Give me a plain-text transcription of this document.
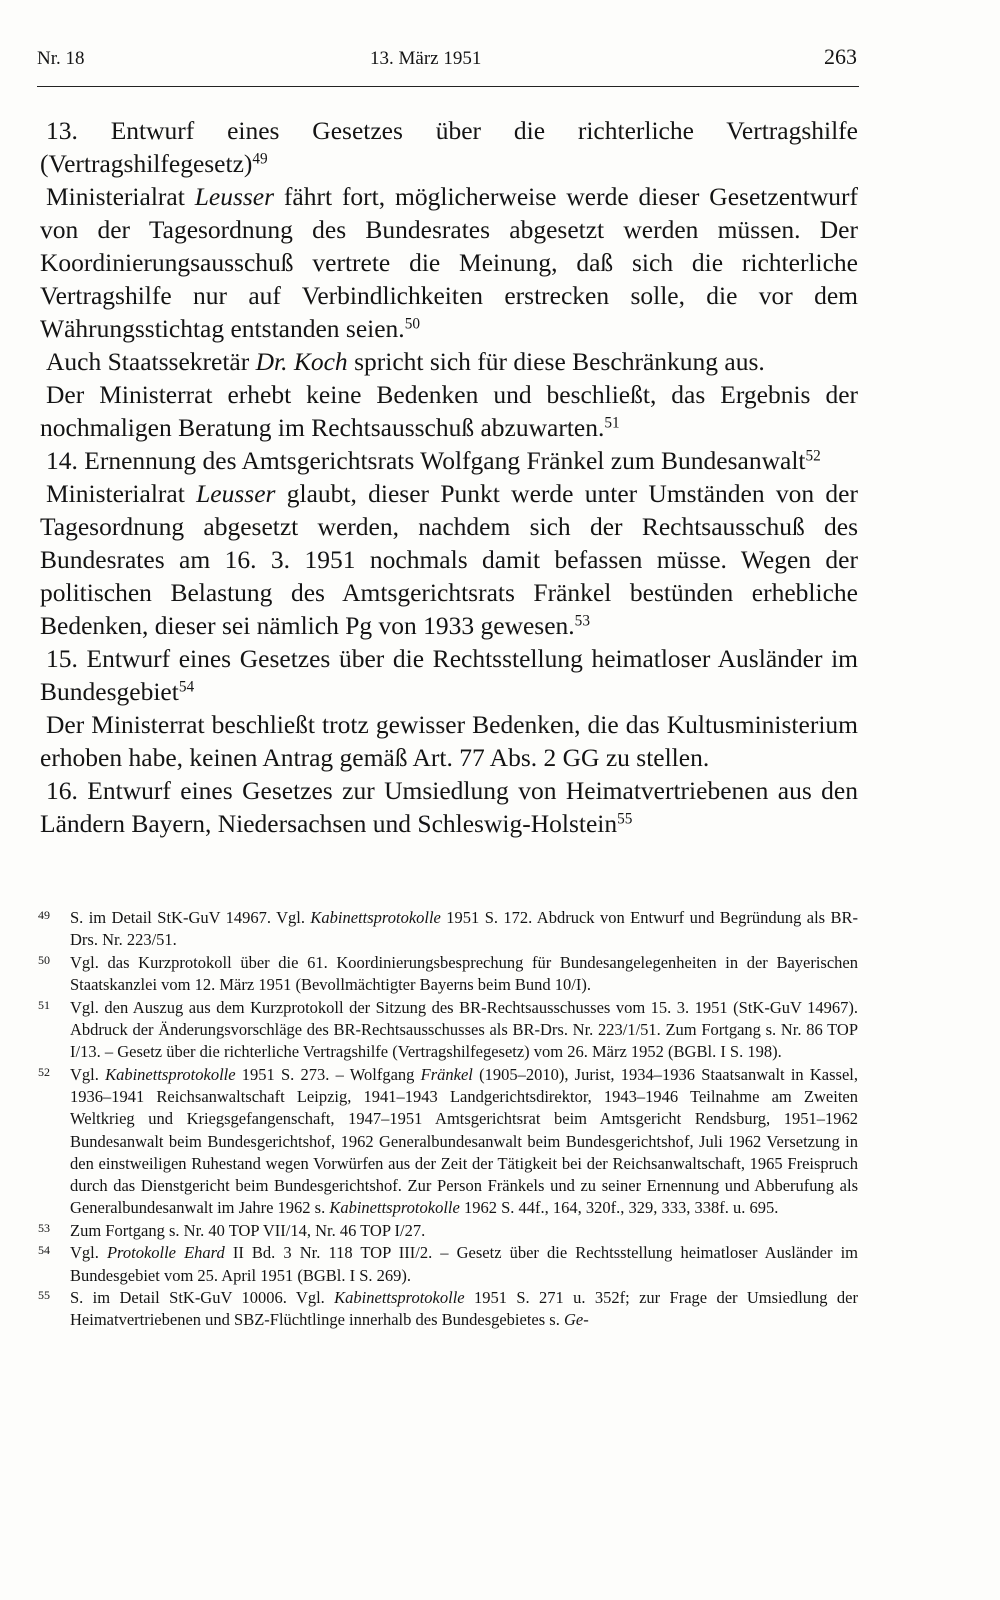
Nr. 18	13. März 1951	263

13. Entwurf eines Gesetzes über die richterliche Vertragshilfe (Vertragshilfegesetz)$^{49}$

Ministerialrat Leusser fährt fort, möglicherweise werde dieser Gesetzentwurf von der Tagesordnung des Bundesrates abgesetzt werden müssen. Der Koordinierungsausschuß vertrete die Meinung, daß sich die richterliche Vertragshilfe nur auf Verbindlichkeiten erstrecken solle, die vor dem Währungsstichtag entstanden seien.$^{50}$

Auch Staatssekretär Dr. Koch spricht sich für diese Beschränkung aus.

Der Ministerrat erhebt keine Bedenken und beschließt, das Ergebnis der nochmaligen Beratung im Rechtsausschuß abzuwarten.$^{51}$

14. Ernennung des Amtsgerichtsrats Wolfgang Fränkel zum Bundesanwalt$^{52}$

Ministerialrat Leusser glaubt, dieser Punkt werde unter Umständen von der Tagesordnung abgesetzt werden, nachdem sich der Rechtsausschuß des Bundesrates am 16. 3. 1951 nochmals damit befassen müsse. Wegen der politischen Belastung des Amtsgerichtsrats Fränkel bestünden erhebliche Bedenken, dieser sei nämlich Pg von 1933 gewesen.$^{53}$

15. Entwurf eines Gesetzes über die Rechtsstellung heimatloser Ausländer im Bundesgebiet$^{54}$

Der Ministerrat beschließt trotz gewisser Bedenken, die das Kultusministerium erhoben habe, keinen Antrag gemäß Art. 77 Abs. 2 GG zu stellen.

16. Entwurf eines Gesetzes zur Umsiedlung von Heimatvertriebenen aus den Ländern Bayern, Niedersachsen und Schleswig-Holstein$^{55}$

49 S. im Detail StK-GuV 14967. Vgl. Kabinettsprotokolle 1951 S. 172. Abdruck von Entwurf und Begründung als BR-Drs. Nr. 223/51.
50 Vgl. das Kurzprotokoll über die 61. Koordinierungsbesprechung für Bundesangelegenheiten in der Bayerischen Staatskanzlei vom 12. März 1951 (Bevollmächtigter Bayerns beim Bund 10/I).
51 Vgl. den Auszug aus dem Kurzprotokoll der Sitzung des BR-Rechtsausschusses vom 15. 3. 1951 (StK-GuV 14967). Abdruck der Änderungsvorschläge des BR-Rechtsausschusses als BR-Drs. Nr. 223/1/51. Zum Fortgang s. Nr. 86 TOP I/13. – Gesetz über die richterliche Vertragshilfe (Vertragshilfegesetz) vom 26. März 1952 (BGBl. I S. 198).
52 Vgl. Kabinettsprotokolle 1951 S. 273. – Wolfgang Fränkel (1905–2010), Jurist, 1934–1936 Staatsanwalt in Kassel, 1936–1941 Reichsanwaltschaft Leipzig, 1941–1943 Landgerichtsdirektor, 1943–1946 Teilnahme am Zweiten Weltkrieg und Kriegsgefangenschaft, 1947–1951 Amtsgerichtsrat beim Amtsgericht Rendsburg, 1951–1962 Bundesanwalt beim Bundesgerichtshof, 1962 Generalbundesanwalt beim Bundesgerichtshof, Juli 1962 Versetzung in den einstweiligen Ruhestand wegen Vorwürfen aus der Zeit der Tätigkeit bei der Reichsanwaltschaft, 1965 Freispruch durch das Dienstgericht beim Bundesgerichtshof. Zur Person Fränkels und zu seiner Ernennung und Abberufung als Generalbundesanwalt im Jahre 1962 s. Kabinettsprotokolle 1962 S. 44f., 164, 320f., 329, 333, 338f. u. 695.
53 Zum Fortgang s. Nr. 40 TOP VII/14, Nr. 46 TOP I/27.
54 Vgl. Protokolle Ehard II Bd. 3 Nr. 118 TOP III/2. – Gesetz über die Rechtsstellung heimatloser Ausländer im Bundesgebiet vom 25. April 1951 (BGBl. I S. 269).
55 S. im Detail StK-GuV 10006. Vgl. Kabinettsprotokolle 1951 S. 271 u. 352f; zur Frage der Umsiedlung der Heimatvertriebenen und SBZ-Flüchtlinge innerhalb des Bundesgebietes s. Ge-
